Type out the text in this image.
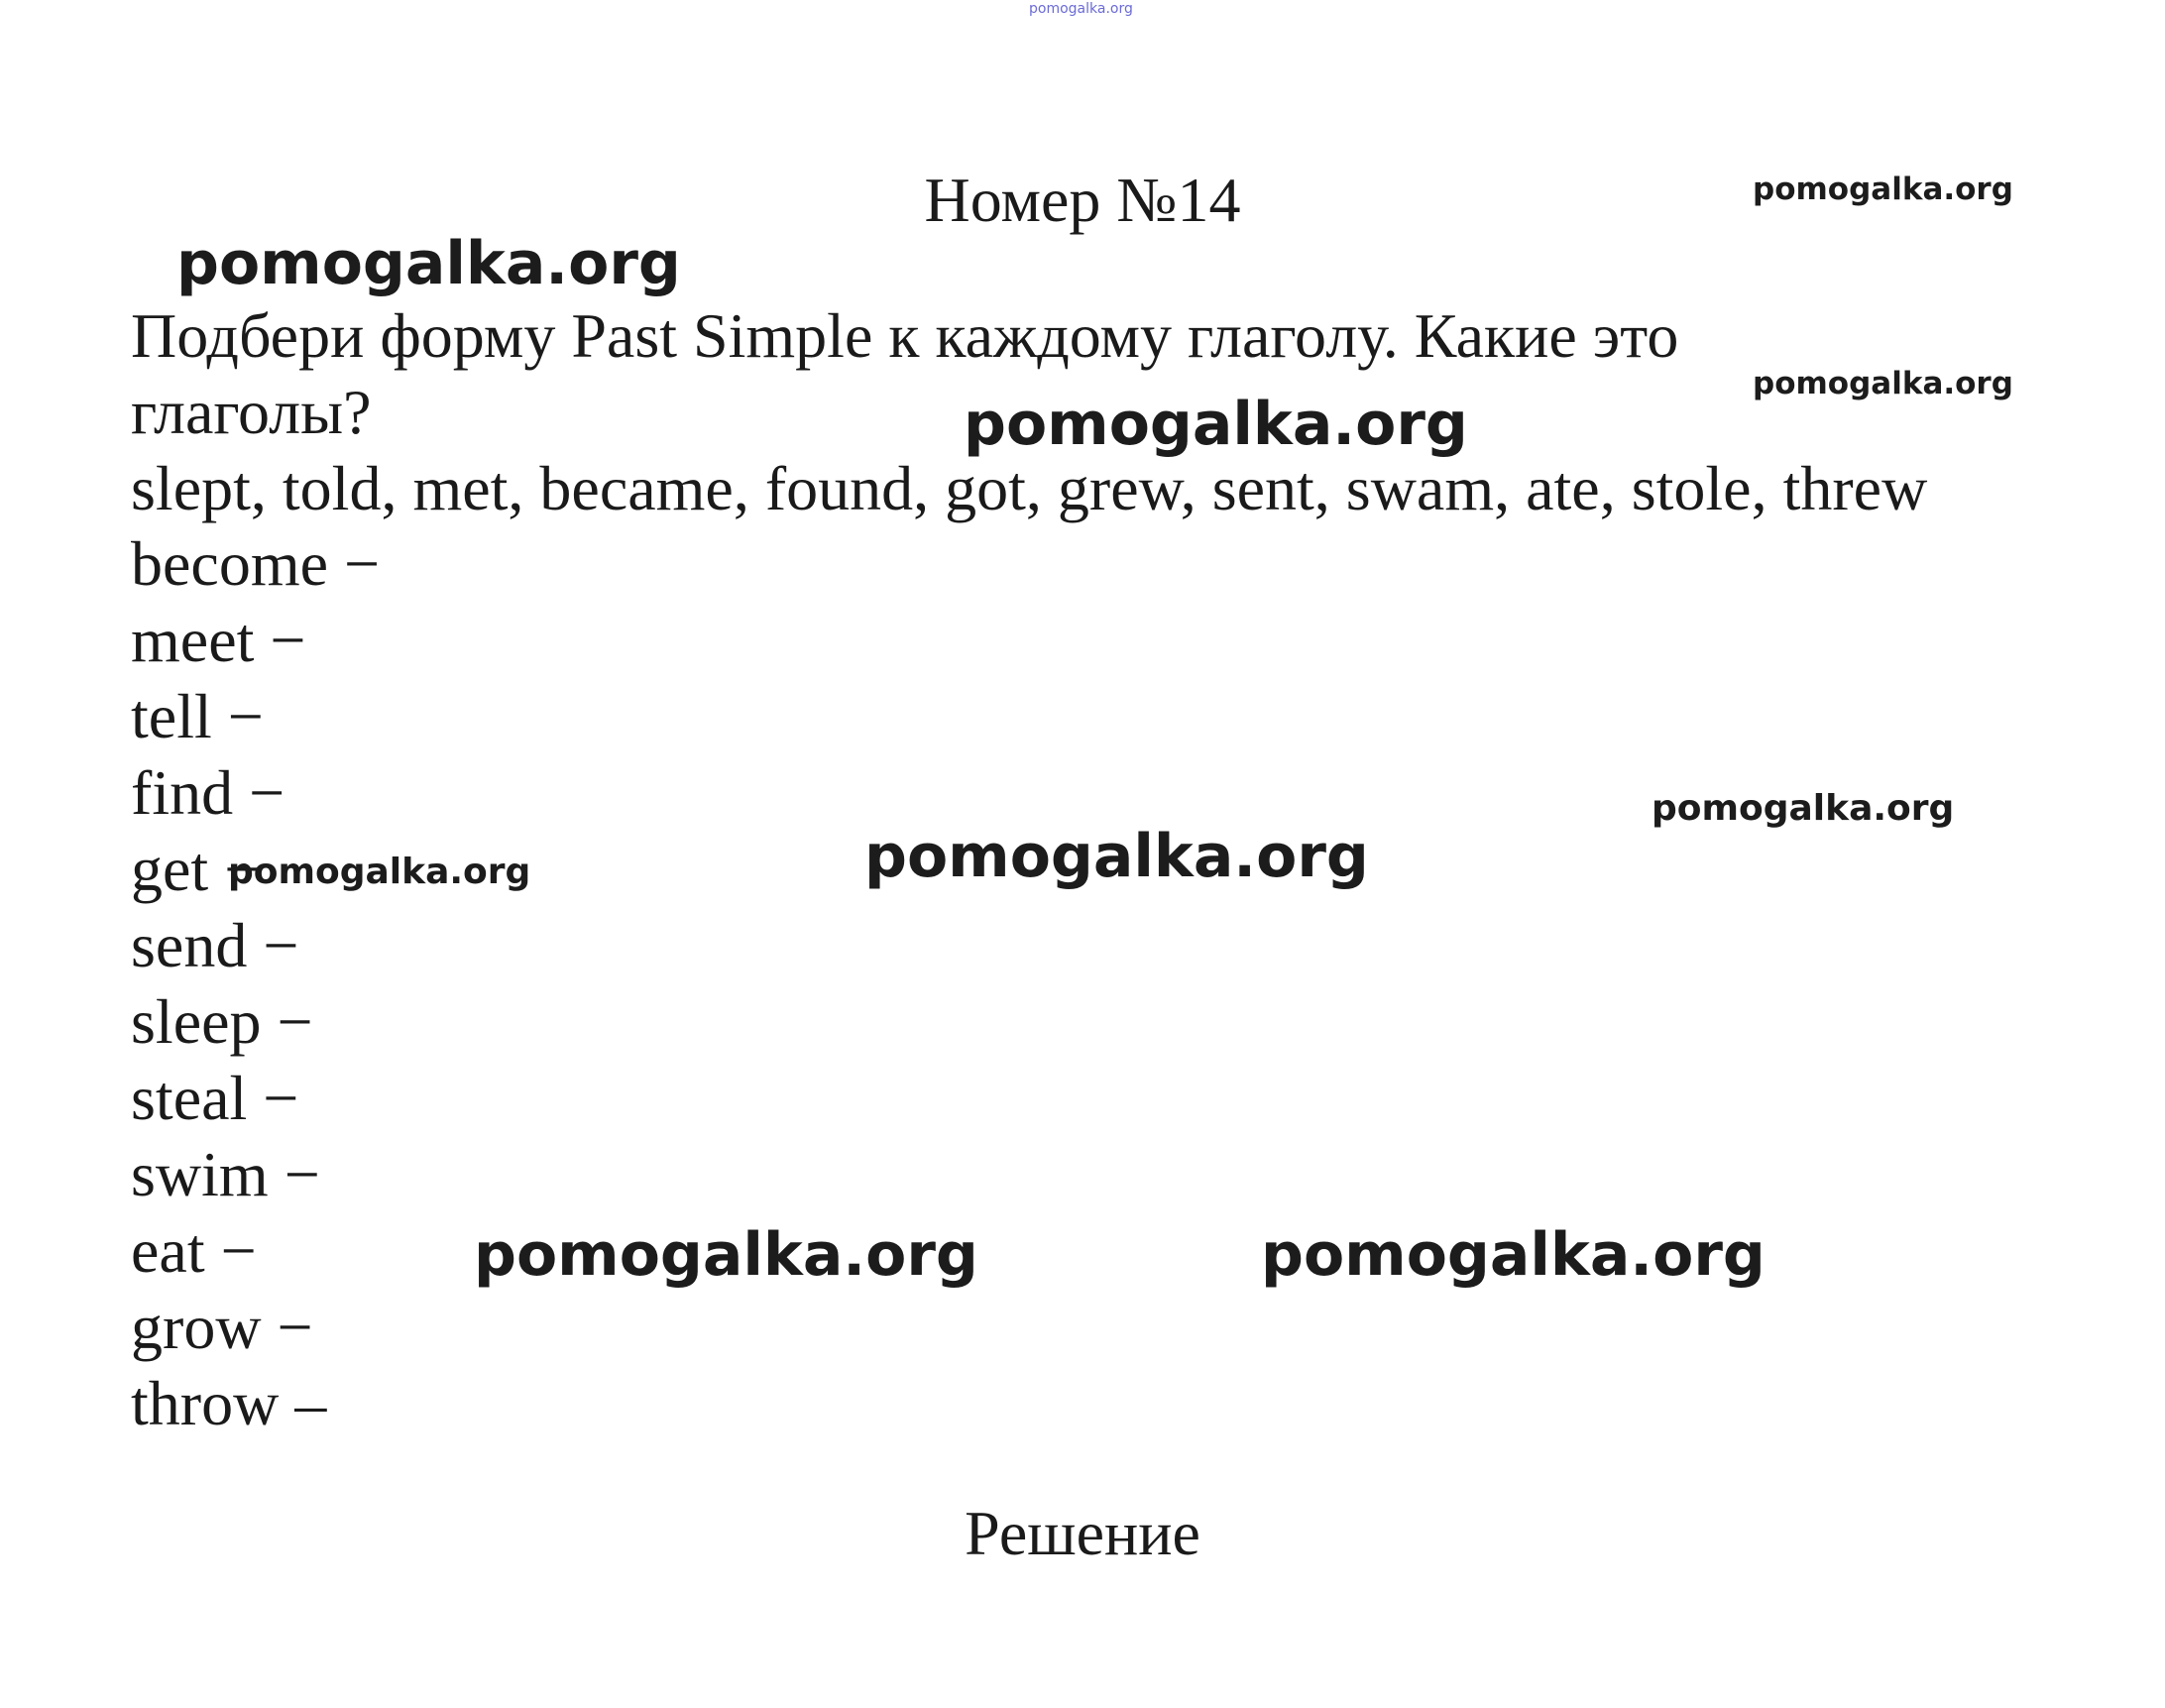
pomogalka.org
Номер №14
Подбери форму Past Simple к каждому глаголу. Какие это
глаголы?
slept, told, met, became, found, got, grew, sent, swam, ate, stole, threw
become −
meet −
tell −
find −
get −
send −
sleep −
steal −
swim −
eat −
grow −
throw –
Решение
pomogalka.org
pomogalka.org
pomogalka.org
pomogalka.org
pomogalka.org
pomogalka.org
pomogalka.org
pomogalka.org	pomogalka.org
